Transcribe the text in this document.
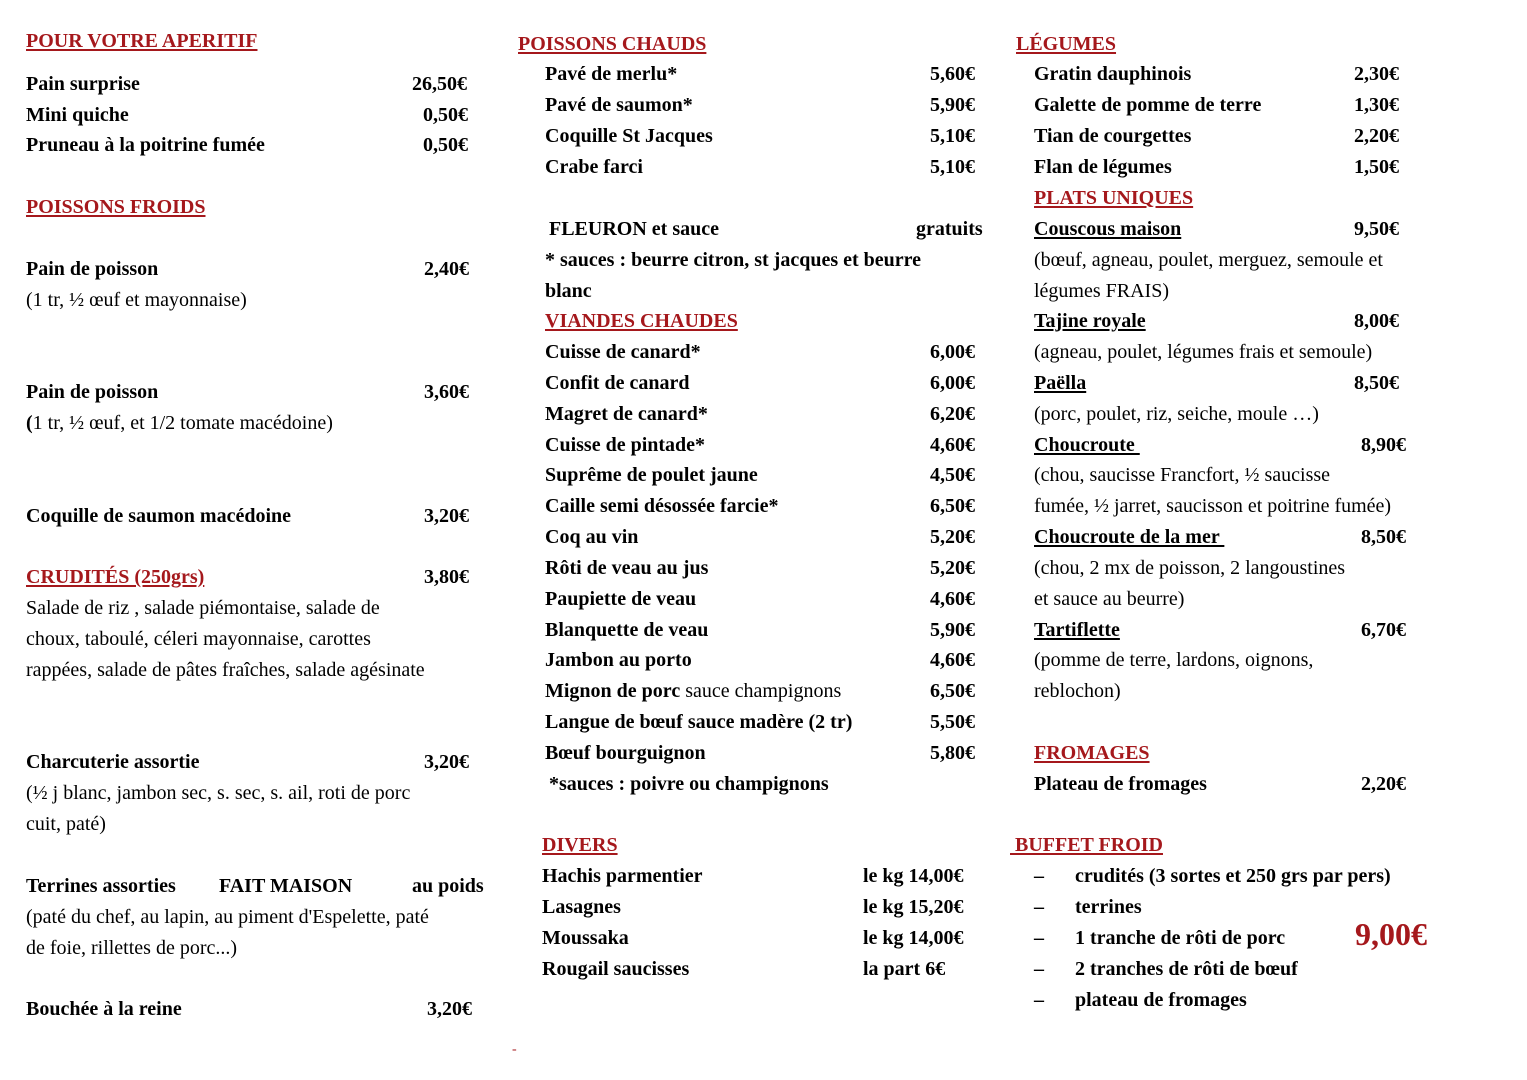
POUR VOTRE APERITIF
Pain surprise	26,50€
Mini quiche	0,50€
Pruneau à la poitrine fumée	0,50€
POISSONS FROIDS
Pain de poisson	2,40€
(1 tr, ½ œuf et mayonnaise)
Pain de poisson	3,60€
(1 tr, ½ œuf, et 1/2 tomate macédoine)
Coquille de saumon macédoine	3,20€
CRUDITÉS (250grs)	3,80€
Salade de riz , salade piémontaise, salade de
choux, taboulé, céleri mayonnaise, carottes
rappées, salade de pâtes fraîches, salade agésinate
Charcuterie assortie	3,20€
(½ j blanc, jambon sec, s. sec, s. ail, roti de porc
cuit, paté)
Terrines assorties FAIT MAISON	au poids
(paté du chef, au lapin, au piment d'Espelette, paté
de foie, rillettes de porc...)
Bouchée à la reine	3,20€
POISSONS CHAUDS
Pavé de merlu*	5,60€
Pavé de saumon*	5,90€
Coquille St Jacques	5,10€
Crabe farci	5,10€
FLEURON et sauce	gratuits
* sauces : beurre citron, st jacques et beurre
blanc
VIANDES CHAUDES
Cuisse de canard*	6,00€
Confit de canard	6,00€
Magret de canard*	6,20€
Cuisse de pintade*	4,60€
Suprême de poulet jaune	4,50€
Caille semi désossée farcie*	6,50€
Coq au vin	5,20€
Rôti de veau au jus	5,20€
Paupiette de veau	4,60€
Blanquette de veau	5,90€
Jambon au porto	4,60€
Mignon de porc sauce champignons	6,50€
Langue de bœuf sauce madère (2 tr)	5,50€
Bœuf bourguignon	5,80€
*sauces : poivre ou champignons
DIVERS
Hachis parmentier	le kg 14,00€
Lasagnes	le kg 15,20€
Moussaka	le kg 14,00€
Rougail saucisses	la part 6€
-
LÉGUMES
Gratin dauphinois	2,30€
Galette de pomme de terre	1,30€
Tian de courgettes	2,20€
Flan de légumes	1,50€
PLATS UNIQUES
Couscous maison	9,50€
(bœuf, agneau, poulet, merguez, semoule et
légumes FRAIS)
Tajine royale	8,00€
(agneau, poulet, légumes frais et semoule)
Paëlla	8,50€
(porc, poulet, riz, seiche, moule …)
Choucroute	8,90€
(chou, saucisse Francfort, ½ saucisse
fumée, ½ jarret, saucisson et poitrine fumée)
Choucroute de la mer	8,50€
(chou, 2 mx de poisson, 2 langoustines
et sauce au beurre)
Tartiflette	6,70€
(pomme de terre, lardons, oignons,
reblochon)
FROMAGES
Plateau de fromages	2,20€
BUFFET FROID
– crudités (3 sortes et 250 grs par pers)
– terrines
– 1 tranche de rôti de porc
– 2 tranches de rôti de bœuf
– plateau de fromages
9,00€
